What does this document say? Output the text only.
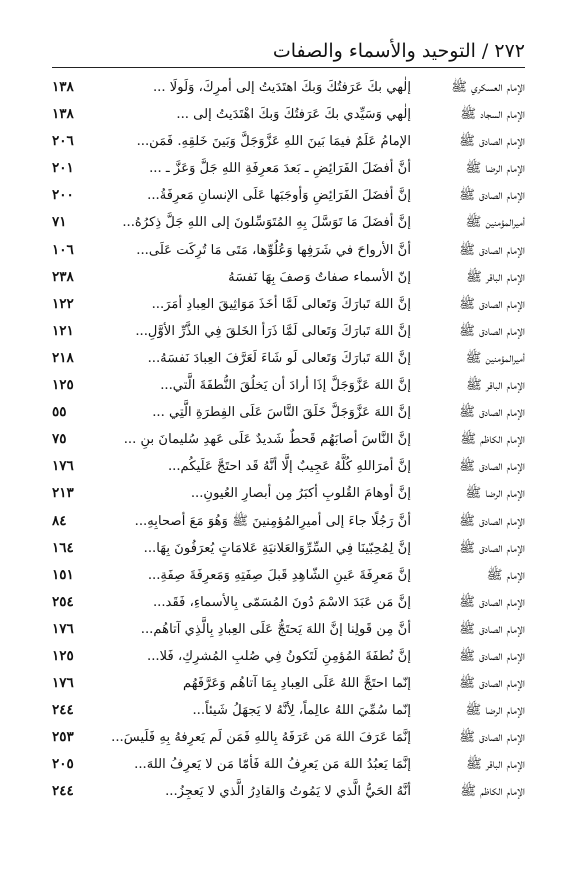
٢٧٢ / التوحيد والأسماء والصفات
الإمام العسكري ﷺ
إلٰهي بكَ عَرَفتُكَ وَبكَ اهتَدَيتُ إلى أمرِكَ، وَلَولَا ...
١٣٨
الإمام السجاد ﷺ
إلٰهي وَسَيِّدي بكَ عَرَفتُكَ وَبكَ اهْتَدَيتُ إلى ...
١٣٨
الإمام الصادق ﷺ
الإمامُ عَلَمٌ فيمَا بَينَ اللهِ عَزَّوَجَلَّ وَبَينَ خَلقِهِ. فَمَن...
٢٠٦
الإمام الرضا ﷺ
أنَّ أفضَلَ الفَرَائِضِ ـ بَعدَ مَعرِفَةِ اللهِ جَلَّ وَعَزَّ ـ ...
٢٠١
الإمام الصادق ﷺ
إنَّ أفضَلَ الفَرَائِضِ وَأوجَبَها عَلَى الإنسانِ مَعرِفَةُ...
٢٠٠
أميرالمؤمنين ﷺ
إنَّ أفضَلَ مَا تَوَسَّلَ بِهِ المُتَوَسِّلونَ إلى اللهِ جَلَّ ذِكرُهُ...
٧١
الإمام الصادق ﷺ
أنَّ الأرواحَ في شَرَفِها وَعُلُوِّها، مَتَى مَا تُرِكَت عَلَى...
١٠٦
الإمام الباقر ﷺ
إنّ الأسماء صفاتٌ وَصفَ بِهَا نَفسَهُ
٢٣٨
الإمام الصادق ﷺ
إنَّ اللهَ تَبارَكَ وَتَعالى لَمَّا أخَذَ مَوَاثِيقَ العِبادِ أمَرَ...
١٢٢
الإمام الصادق ﷺ
إنَّ اللهَ تَبارَكَ وَتَعالى لَمَّا ذَرَأ الخَلقَ فِي الذَّرِّ الأوَّلِ...
١٢١
أميرالمؤمنين ﷺ
إنَّ اللهَ تَبارَكَ وَتَعالى لَو شَاءَ لَعَرَّفَ العِبادَ نَفسَهُ...
٢١٨
الإمام الباقر ﷺ
إنَّ اللهَ عَزَّوَجَلَّ إذَا أرادَ أن يَخلُقَ النُّطفَةَ الَّتي...
١٢٥
الإمام الصادق ﷺ
إنَّ اللهَ عَزَّوَجَلَّ خَلَقَ النَّاسَ عَلَى الفِطرَةِ الَّتِي ...
٥٥
الإمام الكاظم ﷺ
إنَّ النَّاسَ أصابَهُم قَحطٌ شَديدٌ عَلَى عَهدِ سُليمانَ بنِ ...
٧٥
الإمام الصادق ﷺ
إنَّ أمرَاللهِ كُلَّهُ عَجِيبٌ إلَّا أنَّهُ قَد احتَجَّ عَلَيكُم...
١٧٦
الإمام الرضا ﷺ
إنَّ أوهامَ القُلوبِ أكبَرُ مِن أبصارِ العُيونِ...
٢١٣
الإمام الصادق ﷺ
أنَّ رَجُلًا جاءَ إلى أميرِالمُؤمِنينَ ﷺ وَهُوَ مَعَ أصحابِهِ...
٨٤
الإمام الصادق ﷺ
إنَّ لِمُحِبّينَا فِي السِّرِّوَالعَلانيَةِ عَلامَاتٍ يُعرَفُونَ بِهَا...
١٦٤
الإمام ﷺ
إنَّ مَعرِفَةَ عَينِ الشّاهِدِ قَبلَ صِفَتِهِ وَمَعرِفَةَ صِفَةِ...
١٥١
الإمام الصادق ﷺ
إنَّ مَن عَبَدَ الاسْمَ دُونَ المُسَمّى بِالأسماءِ، فَقَد...
٢٥٤
الإمام الصادق ﷺ
أنَّ مِن قَولِنا إنَّ اللهَ يَحتَجُّ عَلَى العِبادِ بِالَّذِي آتاهُم...
١٧٦
الإمام الصادق ﷺ
إنَّ نُطفَةَ المُؤمِنِ لَتَكونُ فِي صُلبِ المُشرِكِ، فَلا...
١٢٥
الإمام الصادق ﷺ
إنّما احتَجَّ اللهُ عَلَى العِبادِ بِمَا آتاهُم وَعَرَّفَهُم
١٧٦
الإمام الرضا ﷺ
إنّما سُمِّيَ اللهُ عالِماً، لِأنَّهُ لا يَجهَلُ شَيئاً...
٢٤٤
الإمام الصادق ﷺ
إنَّمَا عَرَفَ اللهَ مَن عَرَفَهُ بِاللهِ فَمَن لَم يَعرِفهُ بِهِ فَلَيسَ...
٢٥٣
الإمام الباقر ﷺ
إنَّمَا يَعبُدُ اللهَ مَن يَعرِفُ اللهَ فَأمّا مَن لا يَعرِفُ اللهَ...
٢٠٥
الإمام الكاظم ﷺ
أنَّهُ الحَيُّ الَّذي لا يَمُوتُ وَالقادِرُ الَّذي لا يَعجِزُ...
٢٤٤
